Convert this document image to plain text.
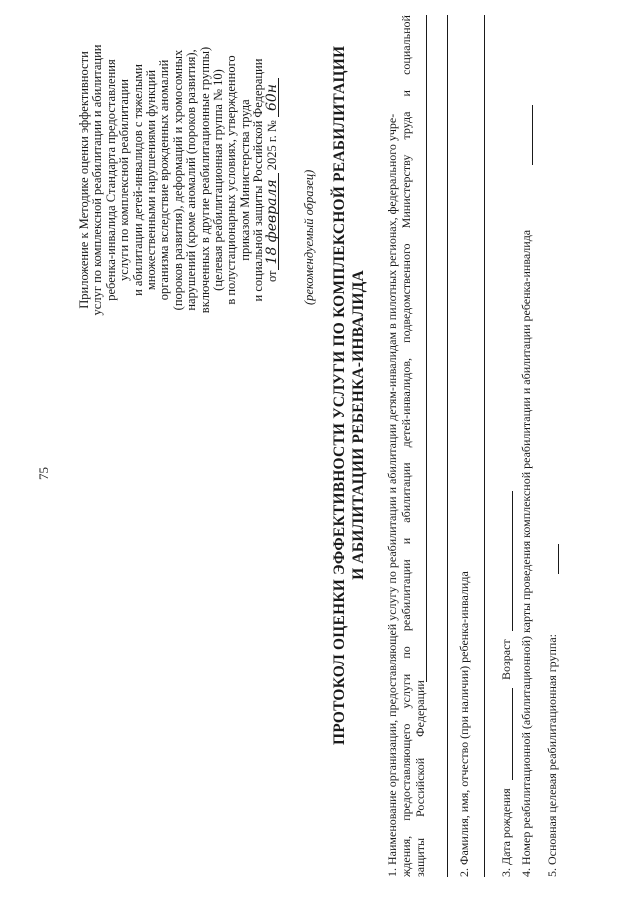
75
Приложение к Методике оценки эффективности услуг по комплексной реабилитации и абилитации ребенка-инвалида Стандарта предоставления услуги по комплексной реабилитации и абилитации детей-инвалидов с тяжелыми множественными нарушениями функций организма вследствие врожденных аномалий (пороков развития), деформаций и хромосомных нарушений (кроме аномалий (пороков развития), включенных в другие реабилитационные группы) (целевая реабилитационная группа № 10) в полустационарных условиях, утвержденного приказом Министерства труда и социальной защиты Российской Федерации от18 февраля 2025 г. № 60н
(рекомендуемый образец) ПРОТОКОЛ ОЦЕНКИ ЭФФЕКТИВНОСТИ УСЛУГИ ПО КОМПЛЕКСНОЙ РЕАБИЛИТАЦИИ И АБИЛИТАЦИИ РЕБЕНКА-ИНВАЛИДА 1. Наименование организации, предоставляющей услугу по реабилитации и абилитации детям-инвалидам в пилотных регионах, федерального учре- ждения,
предоставляющего
услуги
по
реабилитации
и
абилитации
детей-инвалидов,
подведомственного
Министерству
труда
и
социальной
защиты       Российской       Федерации	2. Фамилия, имя, отчество (при наличии) ребенка-инвалида 3. Дата рождения
Возраст 4. Номер реабилитационной (абилитационной) карты проведения комплексной реабилитации и абилитации ребенка-инвалида 5. Основная целевая реабилитационная группа:
